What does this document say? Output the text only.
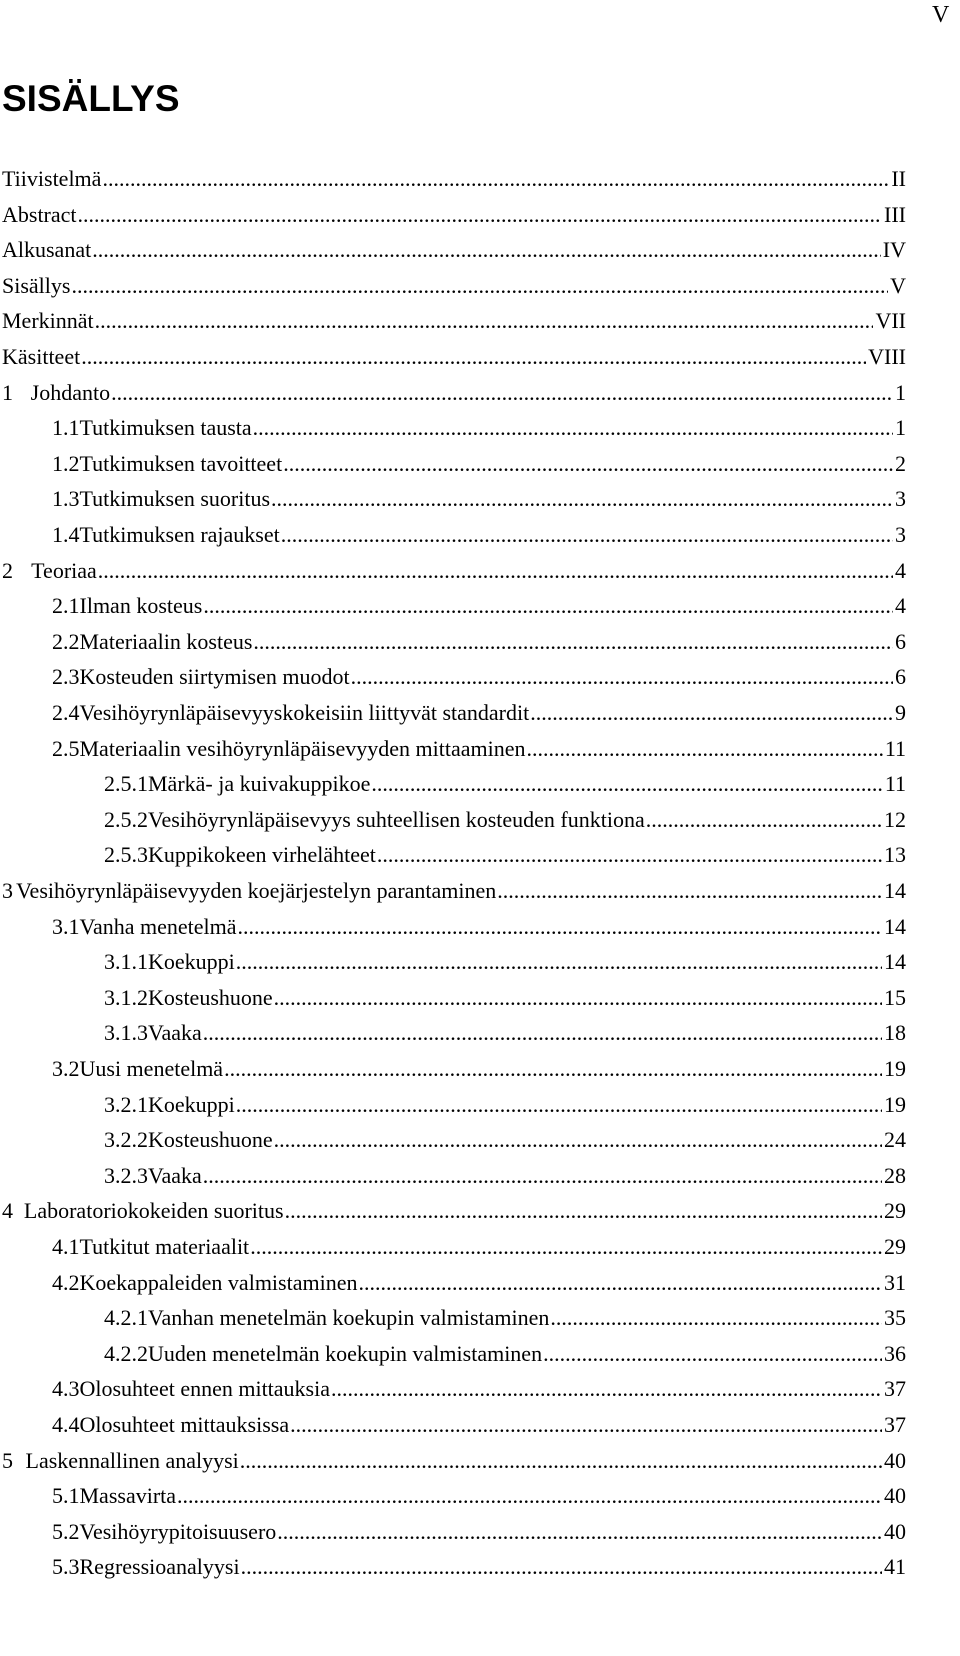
V
SISÄLLYS
Tiivistelmä .....	II
Abstract .....	III
Alkusanat .....	IV
Sisällys .....	V
Merkinnät .....	VII
Käsitteet .....	VIII
1 Johdanto .....	1
1.1 Tutkimuksen tausta .....	1
1.2 Tutkimuksen tavoitteet .....	2
1.3 Tutkimuksen suoritus .....	3
1.4 Tutkimuksen rajaukset .....	3
2 Teoriaa .....	4
2.1 Ilman kosteus .....	4
2.2 Materiaalin kosteus .....	6
2.3 Kosteuden siirtymisen muodot .....	6
2.4 Vesihöyrynläpäisevyyskokeisiin liittyvät standardit .....	9
2.5 Materiaalin vesihöyrynläpäisevyyden mittaaminen .....	11
2.5.1 Märkä- ja kuivakuppikoe .....	11
2.5.2 Vesihöyrynläpäisevyys suhteellisen kosteuden funktiona .....	12
2.5.3 Kuppikokeen virhelähteet .....	13
3 Vesihöyrynläpäisevyyden koejärjestelyn parantaminen .....	14
3.1 Vanha menetelmä .....	14
3.1.1 Koekuppi .....	14
3.1.2 Kosteushuone .....	15
3.1.3 Vaaka .....	18
3.2 Uusi menetelmä .....	19
3.2.1 Koekuppi .....	19
3.2.2 Kosteushuone .....	24
3.2.3 Vaaka .....	28
4 Laboratoriokokeiden suoritus .....	29
4.1 Tutkitut materiaalit .....	29
4.2 Koekappaleiden valmistaminen .....	31
4.2.1 Vanhan menetelmän koekupin valmistaminen .....	35
4.2.2 Uuden menetelmän koekupin valmistaminen .....	36
4.3 Olosuhteet ennen mittauksia .....	37
4.4 Olosuhteet mittauksissa .....	37
5 Laskennallinen analyysi .....	40
5.1 Massavirta .....	40
5.2 Vesihöyrypitoisuusero .....	40
5.3 Regressioanalyysi .....	41
